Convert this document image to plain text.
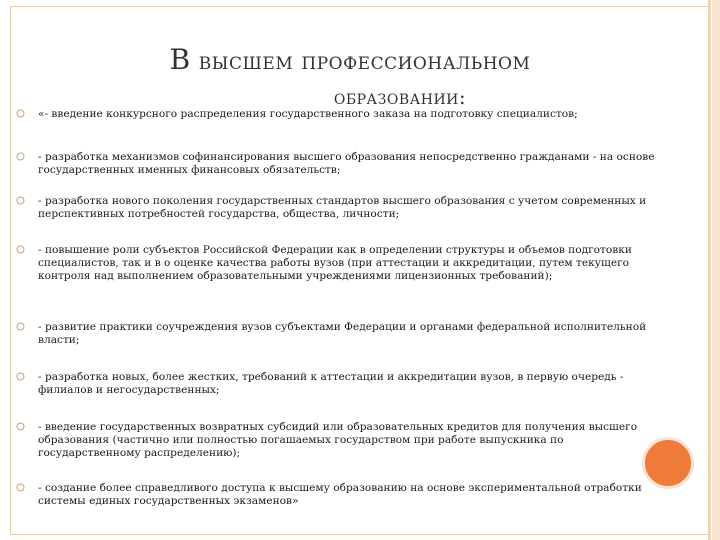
В высшем профессиональном
образовании:
«- введение конкурсного распределения государственного заказа на подготовку специалистов;
- разработка механизмов софинансирования высшего образования непосредственно гражданами - на основе государственных именных финансовых обязательств;
- разработка нового поколения государственных стандартов высшего образования с учетом современных и перспективных потребностей государства, общества, личности;
- повышение роли субъектов Российской Федерации как в определении структуры и объемов подготовки специалистов, так и в о оценке качества работы вузов (при аттестации и аккредитации, путем текущего контроля над выполнением образовательными учреждениями лицензионных требований);
- развитие практики соучреждения вузов субъектами Федерации и органами федеральной исполнительной власти;
- разработка новых, более жестких, требований к аттестации и аккредитации вузов, в первую очередь - филиалов и негосударственных;
- введение государственных возвратных субсидий или образовательных кредитов для получения высшего образования (частично или полностью погашаемых государством при работе выпускника по государственному распределению);
- создание более справедливого доступа к высшему образованию на основе экспериментальной отработки системы единых государственных экзаменов»
